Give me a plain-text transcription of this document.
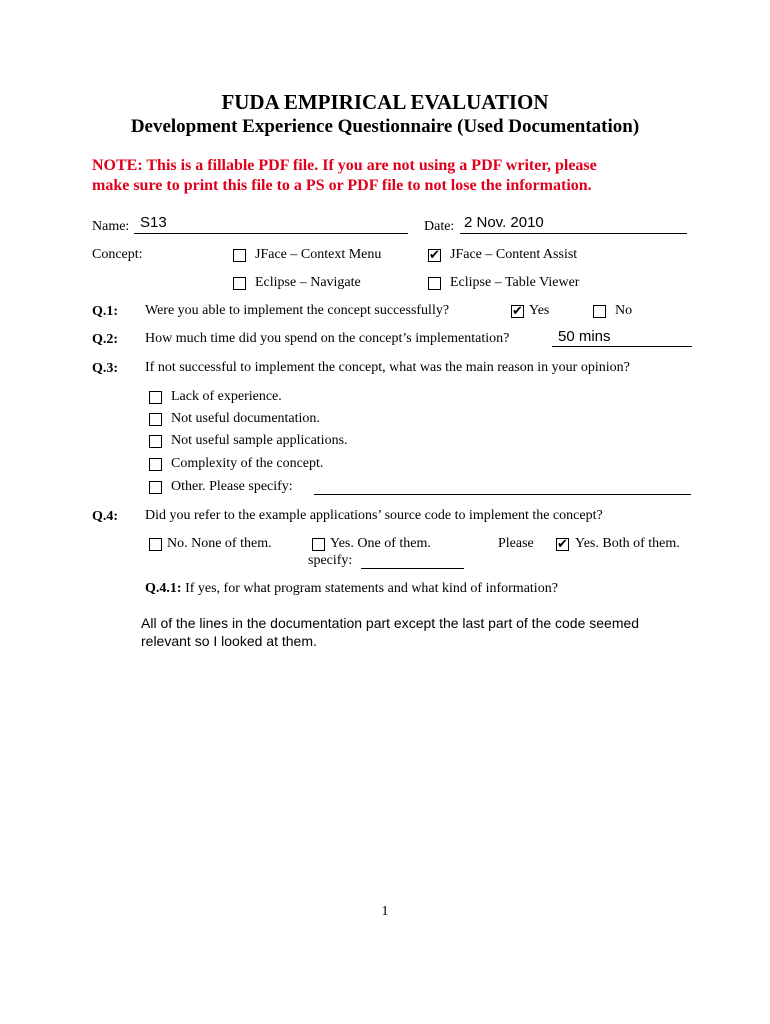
FUDA EMPIRICAL EVALUATION
Development Experience Questionnaire (Used Documentation)
NOTE: This is a fillable PDF file. If you are not using a PDF writer, please
make sure to print this file to a PS or PDF file to not lose the information.
Name: S13	Date: 2 Nov. 2010
Concept:	JFace – Context Menu	✔ JFace – Content Assist
Eclipse – Navigate	Eclipse – Table Viewer
Q.1: Were you able to implement the concept successfully?	✔ Yes	No
Q.2: How much time did you spend on the concept’s implementation?	50 mins
Q.3: If not successful to implement the concept, what was the main reason in your opinion?
Lack of experience.
Not useful documentation.
Not useful sample applications.
Complexity of the concept.
Other. Please specify:
Q.4: Did you refer to the example applications’ source code to implement the concept?
No. None of them.	Yes. One of them.	Please
specify:
✔ Yes. Both of them.
Q.4.1: If yes, for what program statements and what kind of information?
All of the lines in the documentation part except the last part of the code seemed
relevant so I looked at them.
1
